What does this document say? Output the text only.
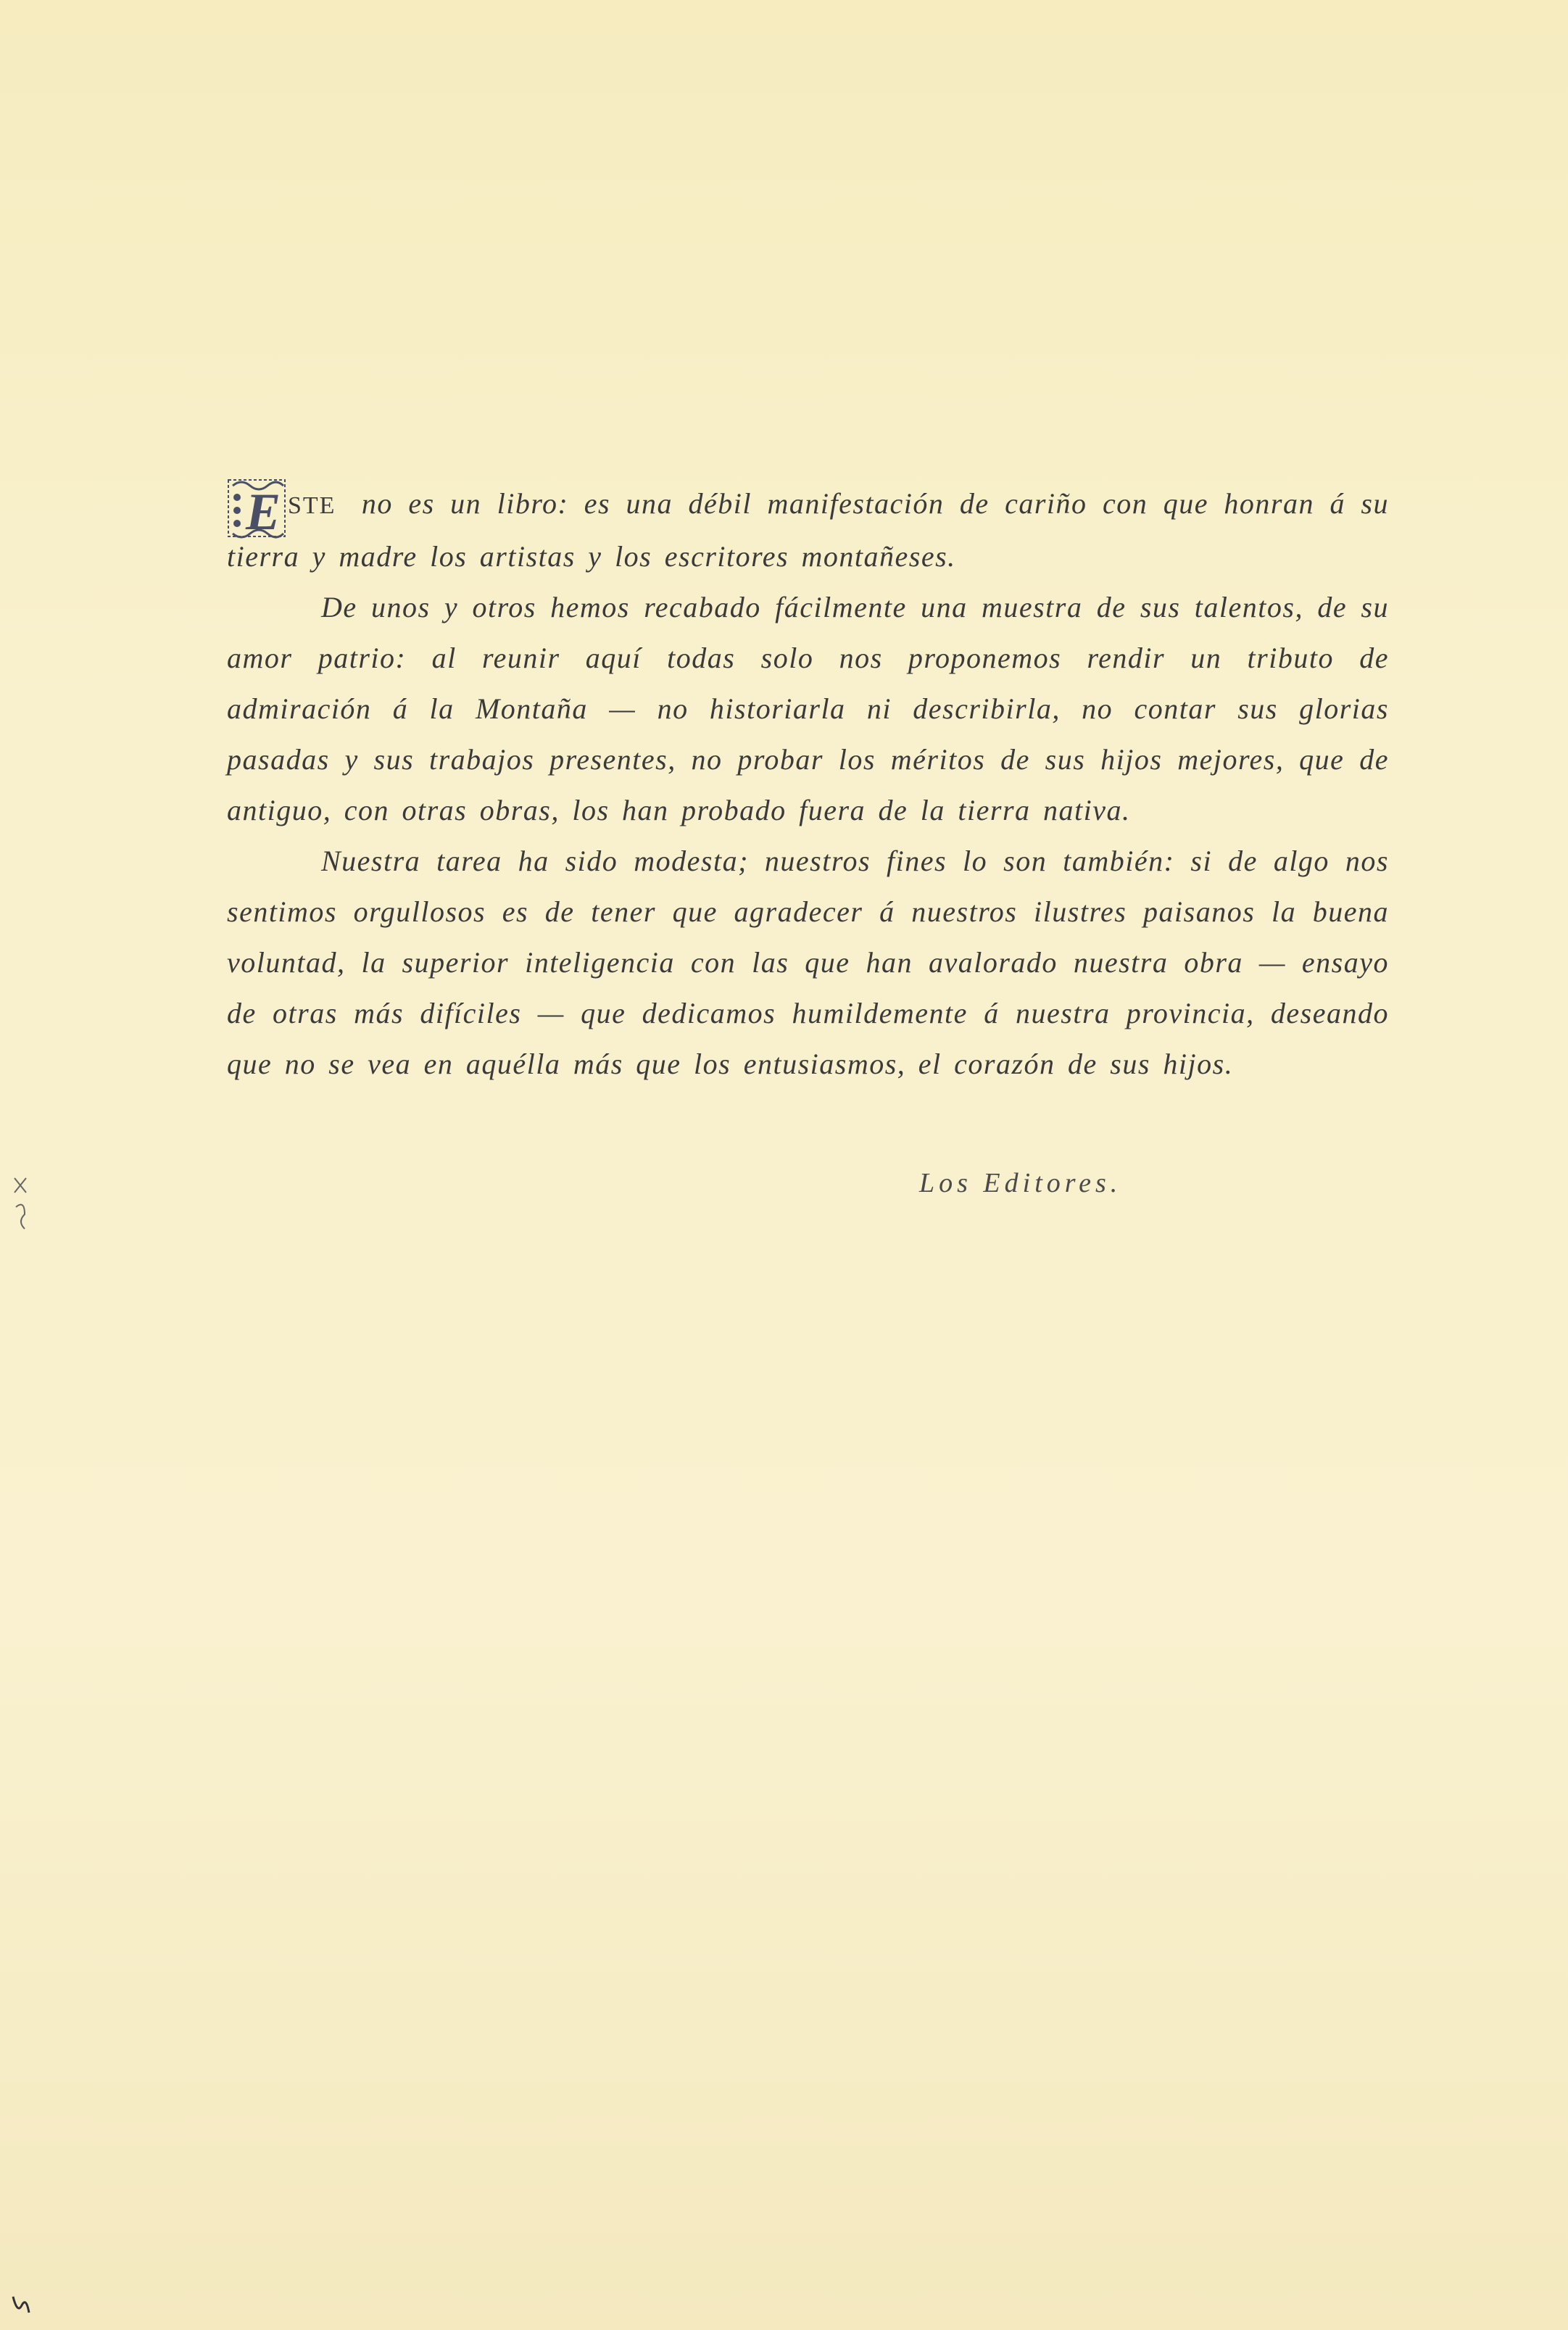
E STE no es un libro: es una débil manifestación de cariño con que honran á su tierra y madre los artistas y los escritores montañeses.

De unos y otros hemos recabado fácilmente una muestra de sus talentos, de su amor patrio: al reunir aquí todas solo nos proponemos rendir un tributo de admiración á la Montaña — no historiarla ni describirla, no contar sus glorias pasadas y sus trabajos presentes, no probar los méritos de sus hijos mejores, que de antiguo, con otras obras, los han probado fuera de la tierra nativa.

Nuestra tarea ha sido modesta; nuestros fines lo son también: si de algo nos sentimos orgullosos es de tener que agradecer á nuestros ilustres paisanos la buena voluntad, la superior inteligencia con las que han avalorado nuestra obra — ensayo de otras más difíciles — que dedicamos humildemente á nuestra provincia, deseando que no se vea en aquélla más que los entusiasmos, el corazón de sus hijos.

Los Editores.
